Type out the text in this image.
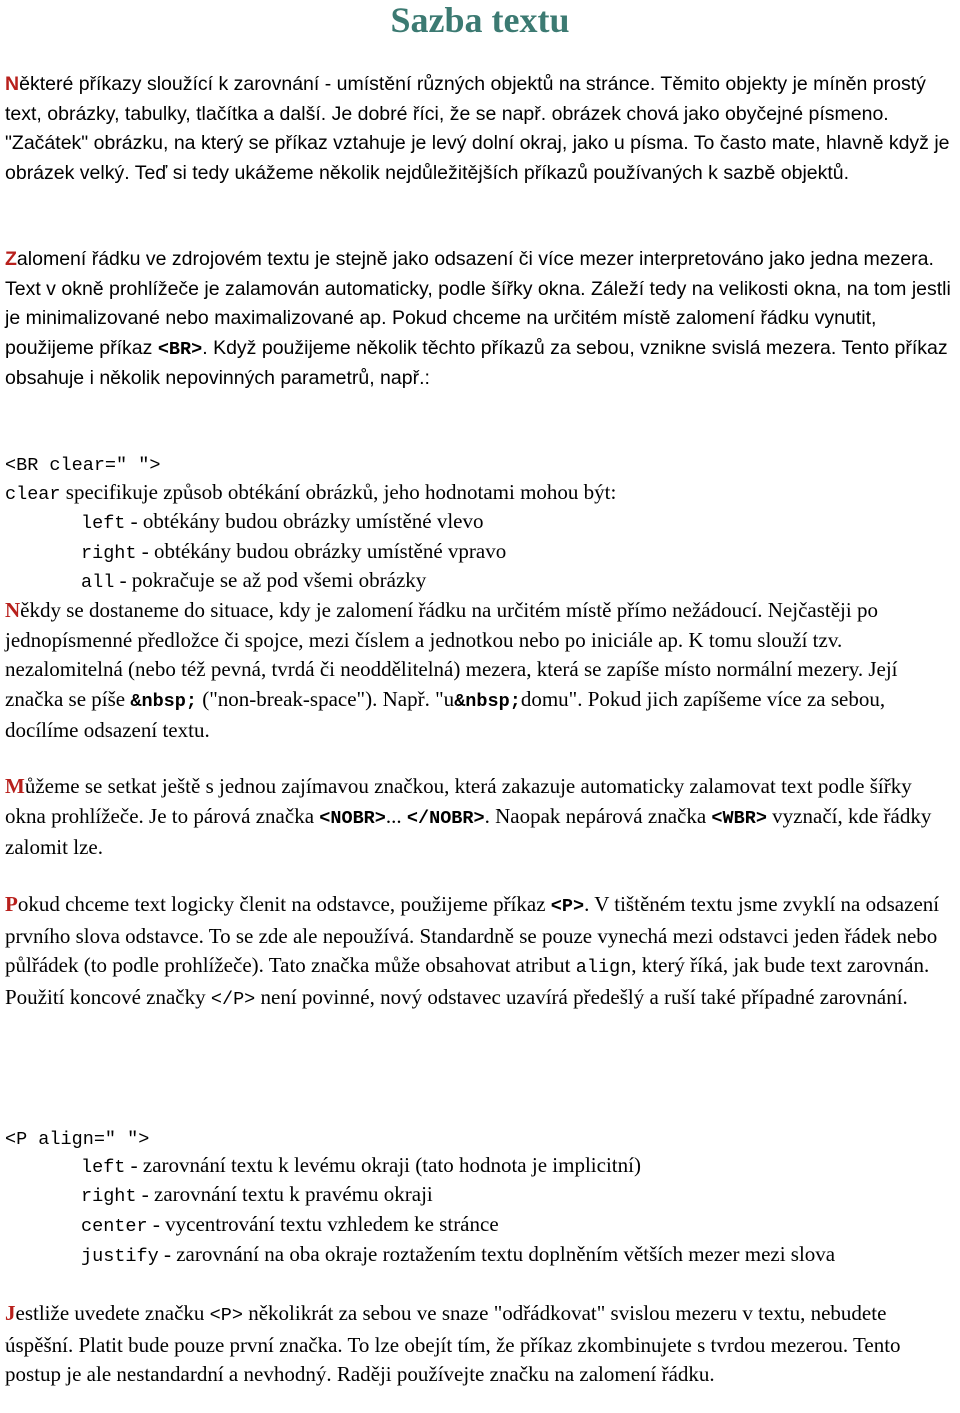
Sazba textu

Některé příkazy sloužící k zarovnání - umístění různých objektů na stránce. Těmito objekty je míněn prostý text, obrázky, tabulky, tlačítka a další. Je dobré říci, že se např. obrázek chová jako obyčejné písmeno. "Začátek" obrázku, na který se příkaz vztahuje je levý dolní okraj, jako u písma. To často mate, hlavně když je obrázek velký. Teď si tedy ukážeme několik nejdůležitějších příkazů používaných k sazbě objektů.

Zalomení řádku ve zdrojovém textu je stejně jako odsazení či více mezer interpretováno jako jedna mezera. Text v okně prohlížeče je zalamován automaticky, podle šířky okna. Záleží tedy na velikosti okna, na tom jestli je minimalizované nebo maximalizované ap. Pokud chceme na určitém místě zalomení řádku vynutit, použijeme příkaz <BR>. Když použijeme několik těchto příkazů za sebou, vznikne svislá mezera. Tento příkaz obsahuje i několik nepovinných parametrů, např.:

<BR clear=" ">

clear specifikuje způsob obtékání obrázků, jeho hodnotami mohou být:

left - obtékány budou obrázky umístěné vlevo

right - obtékány budou obrázky umístěné vpravo

all - pokračuje se až pod všemi obrázky

Někdy se dostaneme do situace, kdy je zalomení řádku na určitém místě přímo nežádoucí. Nejčastěji po jednopísmenné předložce či spojce, mezi číslem a jednotkou nebo po iniciále ap. K tomu slouží tzv. nezalomitelná (nebo též pevná, tvrdá či neoddělitelná) mezera, která se zapíše místo normální mezery. Její značka se píše &nbsp; ("non-break-space"). Např. "u&nbsp;domu". Pokud jich zapíšeme více za sebou, docílíme odsazení textu.

Můžeme se setkat ještě s jednou zajímavou značkou, která zakazuje automaticky zalamovat text podle šířky okna prohlížeče. Je to párová značka <NOBR>... </NOBR>. Naopak nepárová značka <WBR> vyznačí, kde řádky zalomit lze.

Pokud chceme text logicky členit na odstavce, použijeme příkaz <P>. V tištěném textu jsme zvyklí na odsazení prvního slova odstavce. To se zde ale nepoužívá. Standardně se pouze vynechá mezi odstavci jeden řádek nebo půlřádek (to podle prohlížeče). Tato značka může obsahovat atribut align, který říká, jak bude text zarovnán. Použití koncové značky </P> není povinné, nový odstavec uzavírá předešlý a ruší také případné zarovnání.

<P align=" ">

left - zarovnání textu k levému okraji (tato hodnota je implicitní)

right - zarovnání textu k pravému okraji

center - vycentrování textu vzhledem ke stránce

justify - zarovnání na oba okraje roztažením textu doplněním větších mezer mezi slova

Jestliže uvedete značku <P> několikrát za sebou ve snaze "odřádkovat" svislou mezeru v textu, nebudete úspěšní. Platit bude pouze první značka. To lze obejít tím, že příkaz zkombinujete s tvrdou mezerou. Tento postup je ale nestandardní a nevhodný. Raději používejte značku na zalomení řádku.
